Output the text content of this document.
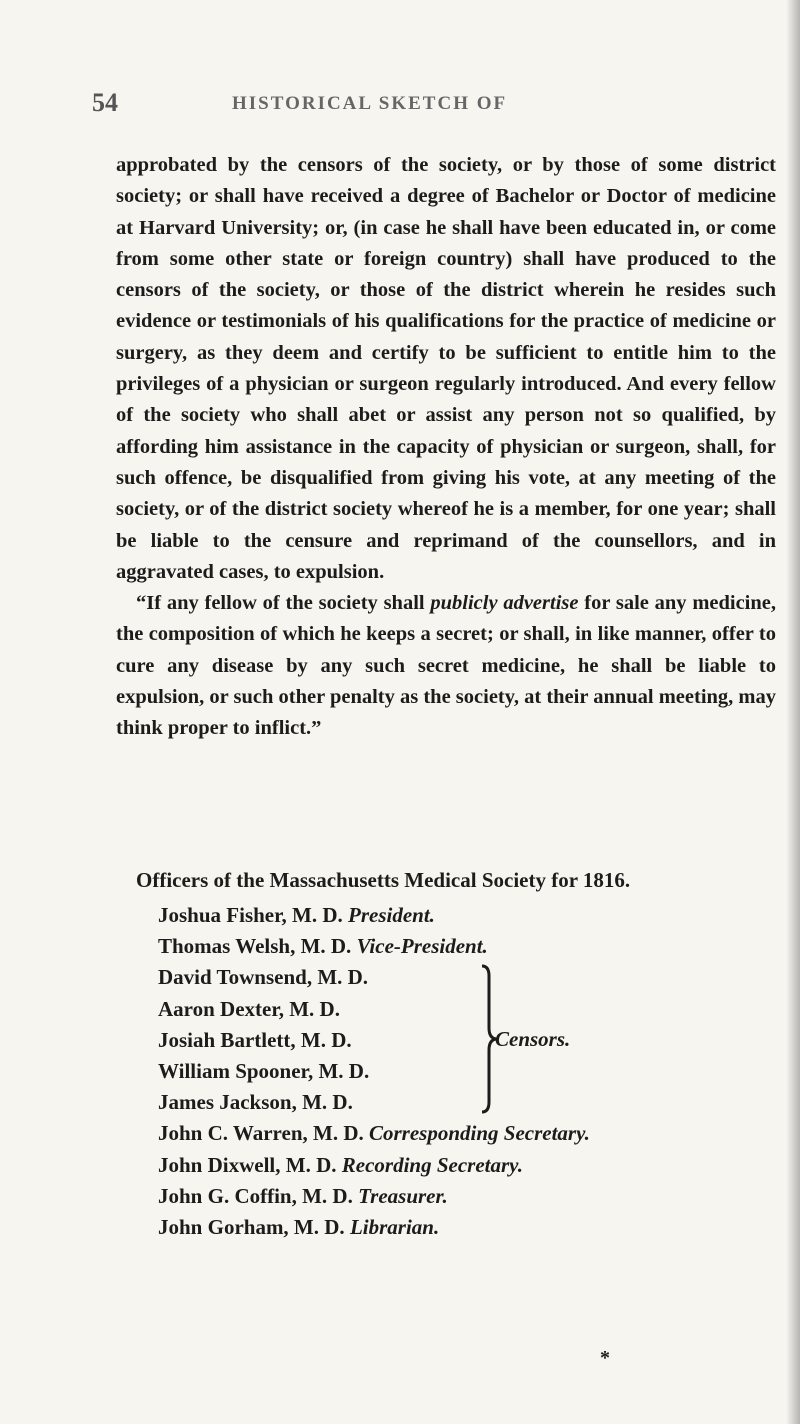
54	HISTORICAL SKETCH OF

approbated by the censors of the society, or by those of some district society; or shall have received a degree of Bachelor or Doctor of medicine at Harvard University; or, (in case he shall have been educated in, or come from some other state or foreign country) shall have produced to the censors of the society, or those of the district wherein he resides such evidence or testimonials of his qualifications for the practice of medicine or surgery, as they deem and certify to be sufficient to entitle him to the privileges of a physician or surgeon regularly introduced. And every fellow of the society who shall abet or assist any person not so qualified, by affording him assistance in the capacity of physician or surgeon, shall, for such offence, be disqualified from giving his vote, at any meeting of the society, or of the district society whereof he is a member, for one year; shall be liable to the censure and reprimand of the counsellors, and in aggravated cases, to expulsion.

“If any fellow of the society shall publicly advertise for sale any medicine, the composition of which he keeps a secret; or shall, in like manner, offer to cure any disease by any such secret medicine, he shall be liable to expulsion, or such other penalty as the society, at their annual meeting, may think proper to inflict.”

Officers of the Massachusetts Medical Society for 1816.
Joshua Fisher, M. D. President.
Thomas Welsh, M. D. Vice-President.
David Townsend, M. D.
Aaron Dexter, M. D.
Josiah Bartlett, M. D.
William Spooner, M. D.
James Jackson, M. D.
Censors.
John C. Warren, M. D. Corresponding Secretary.
John Dixwell, M. D. Recording Secretary.
John G. Coffin, M. D. Treasurer.
John Gorham, M. D. Librarian.
*
